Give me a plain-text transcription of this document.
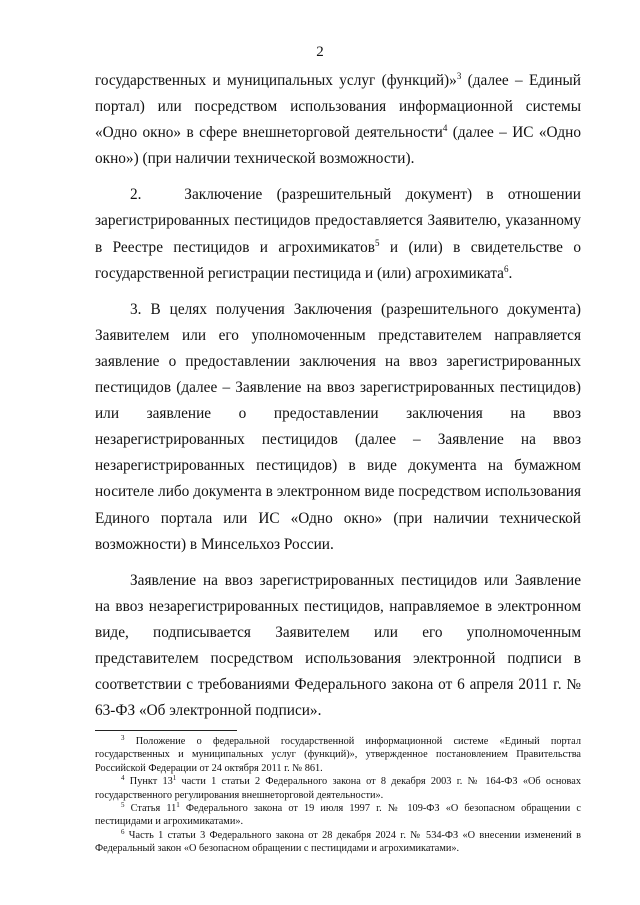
2

государственных и муниципальных услуг (функций)»$^3$ (далее – Единый портал) или посредством использования информационной системы «Одно окно» в сфере внешнеторговой деятельности$^4$ (далее – ИС «Одно окно») (при наличии технической возможности).

2.   Заключение (разрешительный документ) в отношении зарегистрированных пестицидов предоставляется Заявителю, указанному в Реестре пестицидов и агрохимикатов$^5$ и (или) в свидетельстве о государственной регистрации пестицида и (или) агрохимиката$^6$.

3. В целях получения Заключения (разрешительного документа) Заявителем или его уполномоченным представителем направляется заявление о предоставлении заключения на ввоз зарегистрированных пестицидов (далее – Заявление на ввоз зарегистрированных пестицидов) или заявление о предоставлении заключения на ввоз незарегистрированных пестицидов (далее – Заявление на ввоз незарегистрированных пестицидов) в виде документа на бумажном носителе либо документа в электронном виде посредством использования Единого портала или ИС «Одно окно» (при наличии технической возможности) в Минсельхоз России.

Заявление на ввоз зарегистрированных пестицидов или Заявление на ввоз незарегистрированных пестицидов, направляемое в электронном виде, подписывается Заявителем или его уполномоченным представителем посредством использования электронной подписи в соответствии с требованиями Федерального закона от 6 апреля 2011 г. № 63-ФЗ «Об электронной подписи».

$^3$ Положение о федеральной государственной информационной системе «Единый портал государственных и муниципальных услуг (функций)», утвержденное постановлением Правительства Российской Федерации от 24 октября 2011 г. № 861.

$^4$ Пункт $13^1$ части 1 статьи 2 Федерального закона от 8 декабря 2003 г. № 164-ФЗ «Об основах государственного регулирования внешнеторговой деятельности».

$^5$ Статья $11^1$ Федерального закона от 19 июля 1997 г. № 109-ФЗ «О безопасном обращении с пестицидами и агрохимикатами».

$^6$ Часть 1 статьи 3 Федерального закона от 28 декабря 2024 г. № 534-ФЗ «О внесении изменений в Федеральный закон «О безопасном обращении с пестицидами и агрохимикатами».
